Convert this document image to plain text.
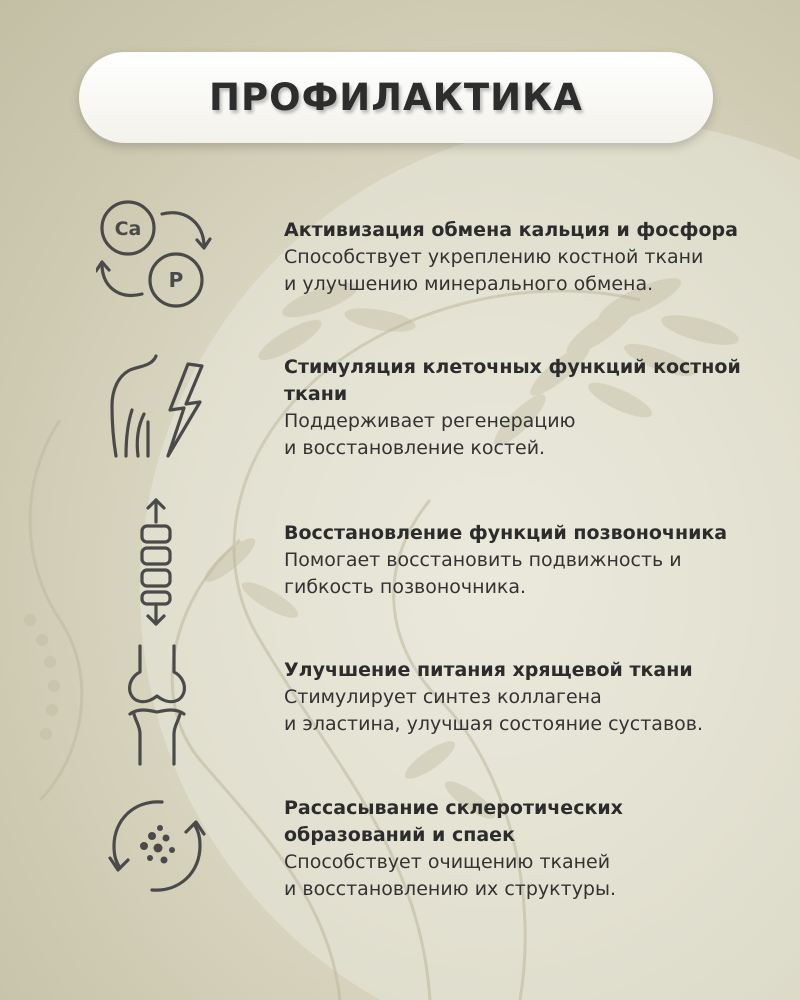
ПРОФИЛАКТИКА
Ca
P
Активизация обмена кальция и фосфора
Способствует укреплению костной ткани
и улучшению минерального обмена.
Стимуляция клеточных функций костной
ткани
Поддерживает регенерацию
и восстановление костей.
Восстановление функций позвоночника
Помогает восстановить подвижность и
гибкость позвоночника.
Улучшение питания хрящевой ткани
Стимулирует синтез коллагена
и эластина, улучшая состояние суставов.
Рассасывание склеротических
образований и спаек
Способствует очищению тканей
и восстановлению их структуры.
